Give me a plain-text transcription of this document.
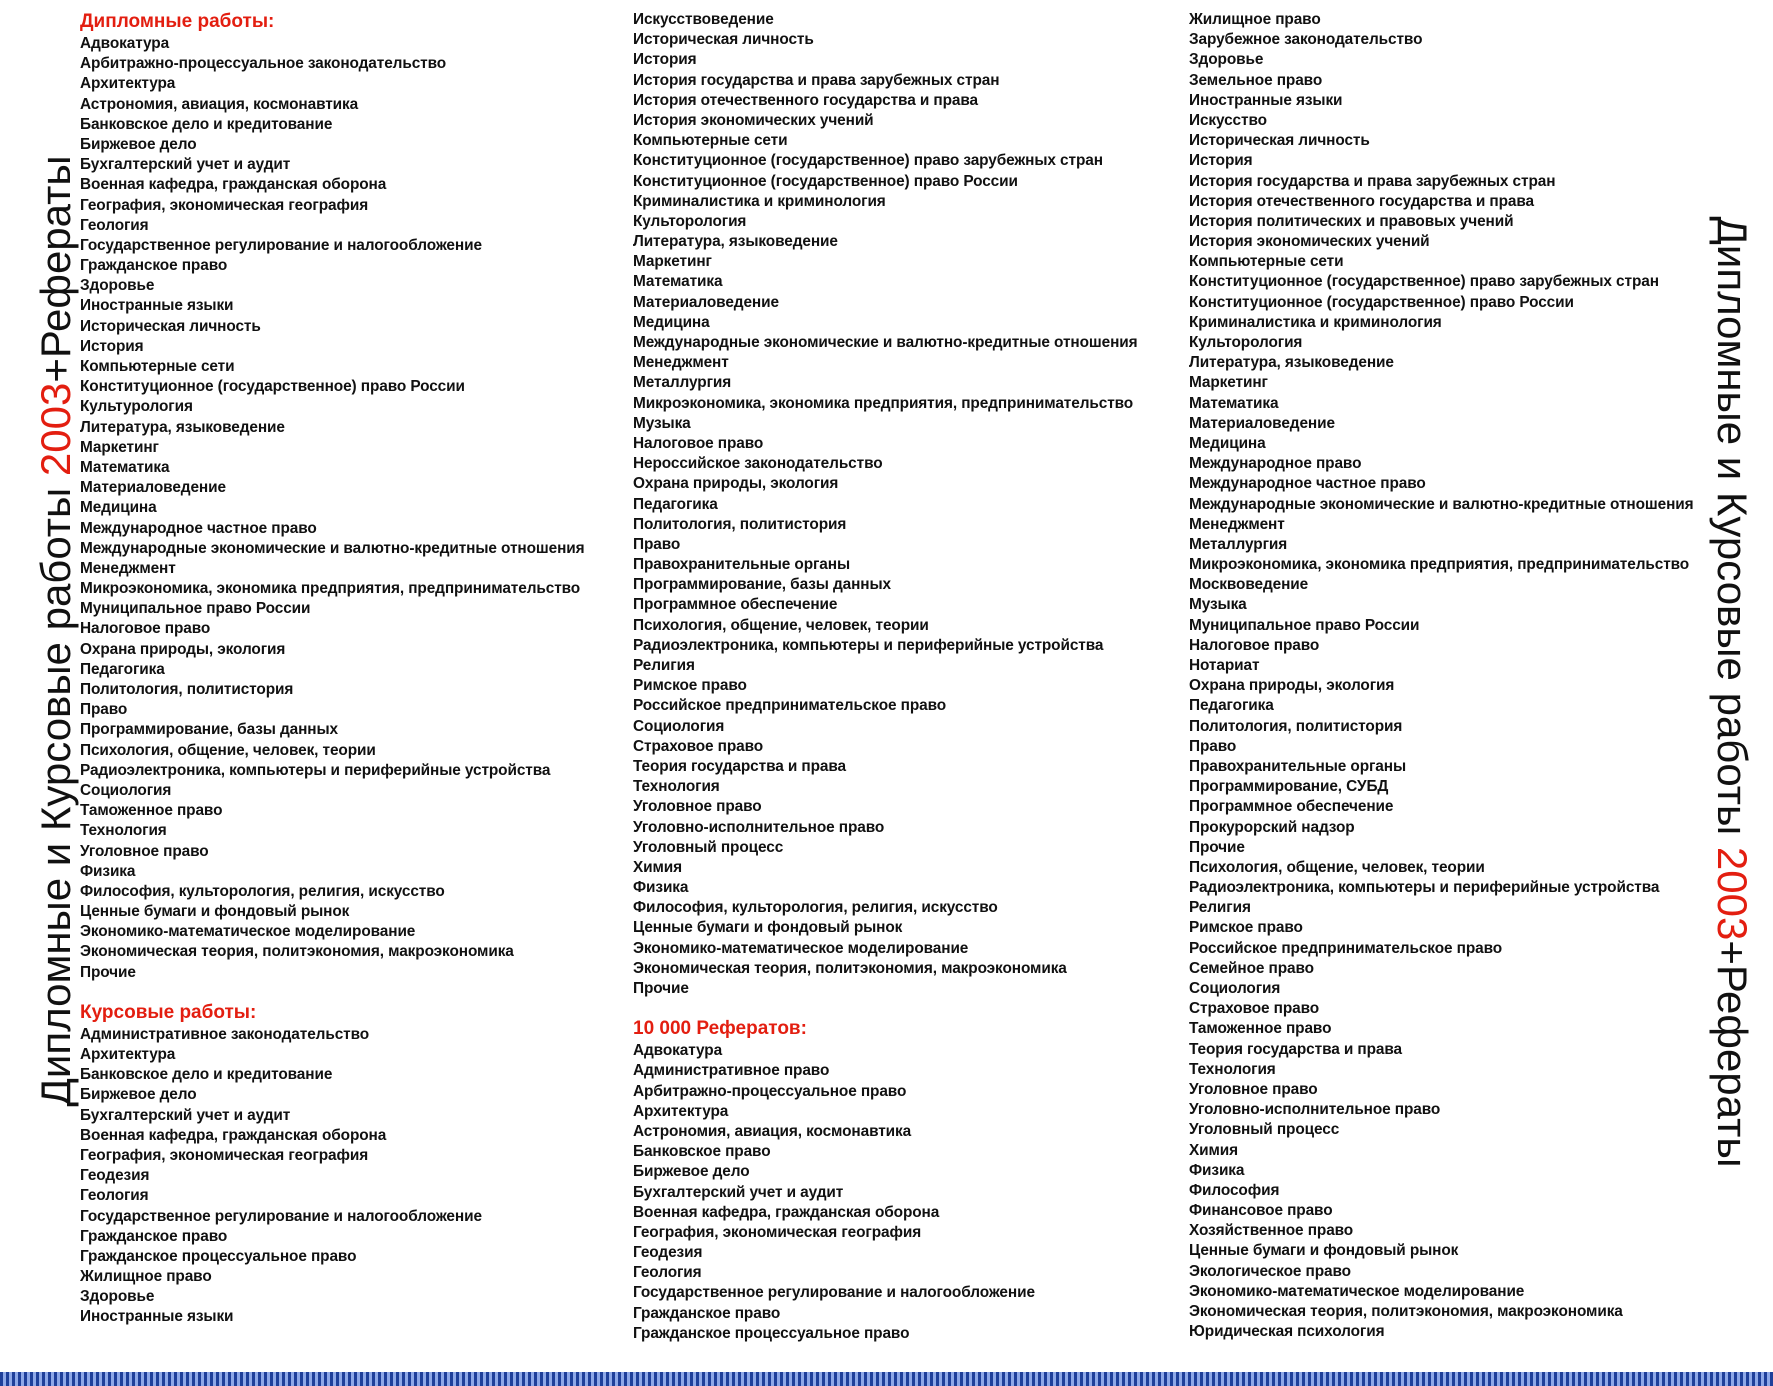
Дипломные и Курсовые работы 2003+Рефераты	Дипломные и Курсовые работы 2003+Рефераты
Дипломные работы:
Адвокатура
Арбитражно-процессуальное законодательство
Архитектура
Астрономия, авиация, космонавтика
Банковское дело и кредитование
Биржевое дело
Бухгалтерский учет и аудит
Военная кафедра, гражданская оборона
География, экономическая география
Геология
Государственное регулирование и налогообложение
Гражданское право
Здоровье
Иностранные языки
Историческая личность
История
Компьютерные сети
Конституционное (государственное) право России
Культурология
Литература, языковедение
Маркетинг
Математика
Материаловедение
Медицина
Международное частное право
Международные экономические и валютно-кредитные отношения
Менеджмент
Микроэкономика, экономика предприятия, предпринимательство
Муниципальное право России
Налоговое право
Охрана природы, экология
Педагогика
Политология, политистория
Право
Программирование, базы данных
Психология, общение, человек, теории
Радиоэлектроника, компьютеры и периферийные устройства
Социология
Таможенное право
Технология
Уголовное право
Физика
Философия, культорология, религия, искусство
Ценные бумаги и фондовый рынок
Экономико-математическое моделирование
Экономическая теория, политэкономия, макроэкономика
Прочие
Курсовые работы:
Административное законодательство
Архитектура
Банковское дело и кредитование
Биржевое дело
Бухгалтерский учет и аудит
Военная кафедра, гражданская оборона
География, экономическая география
Геодезия
Геология
Государственное регулирование и налогообложение
Гражданское право
Гражданское процессуальное право
Жилищное право
Здоровье
Иностранные языки
Искусствоведение
Историческая личность
История
История государства и права зарубежных стран
История отечественного государства и права
История экономических учений
Компьютерные сети
Конституционное (государственное) право зарубежных стран
Конституционное (государственное) право России
Криминалистика и криминология
Культорология
Литература, языковедение
Маркетинг
Математика
Материаловедение
Медицина
Международные экономические и валютно-кредитные отношения
Менеджмент
Металлургия
Микроэкономика, экономика предприятия, предпринимательство
Музыка
Налоговое право
Нероссийское законодательство
Охрана природы, экология
Педагогика
Политология, политистория
Право
Правохранительные органы
Программирование, базы данных
Программное обеспечение
Психология, общение, человек, теории
Радиоэлектроника, компьютеры и периферийные устройства
Религия
Римское право
Российское предпринимательское право
Социология
Страховое право
Теория государства и права
Технология
Уголовное право
Уголовно-исполнительное право
Уголовный процесс
Химия
Физика
Философия, культорология, религия, искусство
Ценные бумаги и фондовый рынок
Экономико-математическое моделирование
Экономическая теория, политэкономия, макроэкономика
Прочие
10 000 Рефератов:
Адвокатура
Административное право
Арбитражно-процессуальное право
Архитектура
Астрономия, авиация, космонавтика
Банковское право
Биржевое дело
Бухгалтерский учет и аудит
Военная кафедра, гражданская оборона
География, экономическая география
Геодезия
Геология
Государственное регулирование и налогообложение
Гражданское право
Гражданское процессуальное право
Жилищное право
Зарубежное законодательство
Здоровье
Земельное право
Иностранные языки
Искусство
Историческая личность
История
История государства и права зарубежных стран
История отечественного государства и права
История политических и правовых учений
История экономических учений
Компьютерные сети
Конституционное (государственное) право зарубежных стран
Конституционное (государственное) право России
Криминалистика и криминология
Культорология
Литература, языковедение
Маркетинг
Математика
Материаловедение
Медицина
Международное право
Международное частное право
Международные экономические и валютно-кредитные отношения
Менеджмент
Металлургия
Микроэкономика, экономика предприятия, предпринимательство
Москвоведение
Музыка
Муниципальное право России
Налоговое право
Нотариат
Охрана природы, экология
Педагогика
Политология, политистория
Право
Правохранительные органы
Программирование, СУБД
Программное обеспечение
Прокурорский надзор
Прочие
Психология, общение, человек, теории
Радиоэлектроника, компьютеры и периферийные устройства
Религия
Римское право
Российское предпринимательское право
Семейное право
Социология
Страховое право
Таможенное право
Теория государства и права
Технология
Уголовное право
Уголовно-исполнительное право
Уголовный процесс
Химия
Физика
Философия
Финансовое право
Хозяйственное право
Ценные бумаги и фондовый рынок
Экологическое право
Экономико-математическое моделирование
Экономическая теория, политэкономия, макроэкономика
Юридическая психология
